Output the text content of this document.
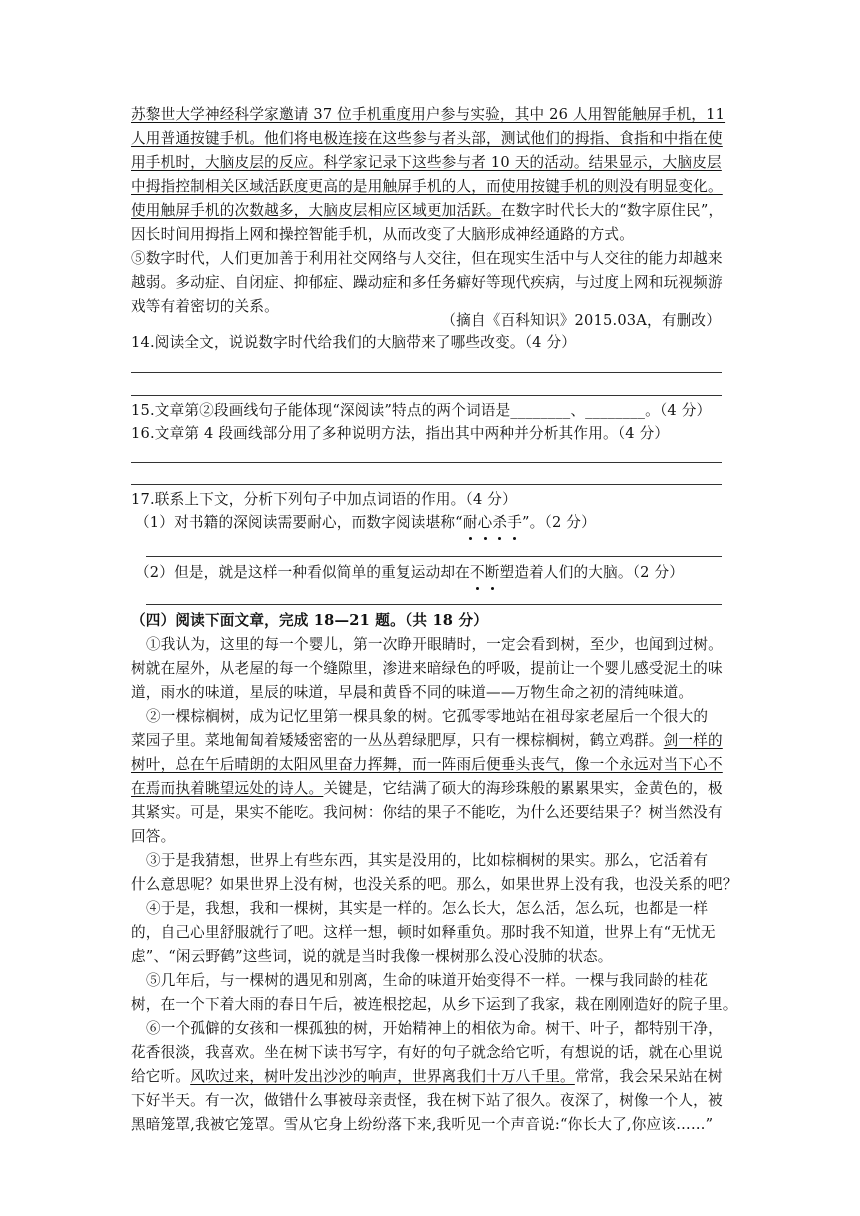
苏黎世大学神经科学家邀请 37 位手机重度用户参与实验，其中 26 人用智能触屏手机，11
人用普通按键手机。他们将电极连接在这些参与者头部，测试他们的拇指、食指和中指在使
用手机时，大脑皮层的反应。科学家记录下这些参与者 10 天的活动。结果显示，大脑皮层
中拇指控制相关区域活跃度更高的是用触屏手机的人，而使用按键手机的则没有明显变化。
使用触屏手机的次数越多，大脑皮层相应区域更加活跃。在数字时代长大的“数字原住民”，
因长时间用拇指上网和操控智能手机，从而改变了大脑形成神经通路的方式。
⑤数字时代，人们更加善于利用社交网络与人交往，但在现实生活中与人交往的能力却越来
越弱。多动症、自闭症、抑郁症、躁动症和多任务癖好等现代疾病，与过度上网和玩视频游
戏等有着密切的关系。
（摘自《百科知识》2015.03A，有删改）
14.阅读全文，说说数字时代给我们的大脑带来了哪些改变。（4 分）
15.文章第②段画线句子能体现“深阅读”特点的两个词语是________、________。（4 分）
16.文章第 4 段画线部分用了多种说明方法，指出其中两种并分析其作用。（4 分）
17.联系上下文，分析下列句子中加点词语的作用。（4 分）
（1）对书籍的深阅读需要耐心，而数字阅读堪称“耐心杀手”。（2 分）
（2）但是，就是这样一种看似简单的重复运动却在不断塑造着人们的大脑。（2 分）
（四）阅读下面文章，完成 18—21 题。（共 18 分）
①我认为，这里的每一个婴儿，第一次睁开眼睛时，一定会看到树，至少，也闻到过树。
树就在屋外，从老屋的每一个缝隙里，渗进来暗绿色的呼吸，提前让一个婴儿感受泥土的味
道，雨水的味道，星辰的味道，早晨和黄昏不同的味道——万物生命之初的清纯味道。
②一棵棕榈树，成为记忆里第一棵具象的树。它孤零零地站在祖母家老屋后一个很大的
菜园子里。菜地匍匐着矮矮密密的一丛丛碧绿肥厚，只有一棵棕榈树，鹤立鸡群。剑一样的
树叶，总在午后晴朗的太阳风里奋力挥舞，而一阵雨后便垂头丧气，像一个永远对当下心不
在焉而执着眺望远处的诗人。关键是，它结满了硕大的海珍珠般的累累果实，金黄色的，极
其紧实。可是，果实不能吃。我问树：你结的果子不能吃，为什么还要结果子？树当然没有
回答。
③于是我猜想，世界上有些东西，其实是没用的，比如棕榈树的果实。那么，它活着有
什么意思呢？如果世界上没有树，也没关系的吧。那么，如果世界上没有我，也没关系的吧？
④于是，我想，我和一棵树，其实是一样的。怎么长大，怎么活，怎么玩，也都是一样
的，自己心里舒服就行了吧。这样一想，顿时如释重负。那时我不知道，世界上有“无忧无
虑”、“闲云野鹤”这些词，说的就是当时我像一棵树那么没心没肺的状态。
⑤几年后，与一棵树的遇见和别离，生命的味道开始变得不一样。一棵与我同龄的桂花
树，在一个下着大雨的春日午后，被连根挖起，从乡下运到了我家，栽在刚刚造好的院子里。
⑥一个孤僻的女孩和一棵孤独的树，开始精神上的相依为命。树干、叶子，都特别干净，
花香很淡，我喜欢。坐在树下读书写字，有好的句子就念给它听，有想说的话，就在心里说
给它听。风吹过来，树叶发出沙沙的响声，世界离我们十万八千里。常常，我会呆呆站在树
下好半天。有一次，做错什么事被母亲责怪，我在树下站了很久。夜深了，树像一个人，被
黑暗笼罩,我被它笼罩。雪从它身上纷纷落下来,我听见一个声音说:“你长大了,你应该……”
